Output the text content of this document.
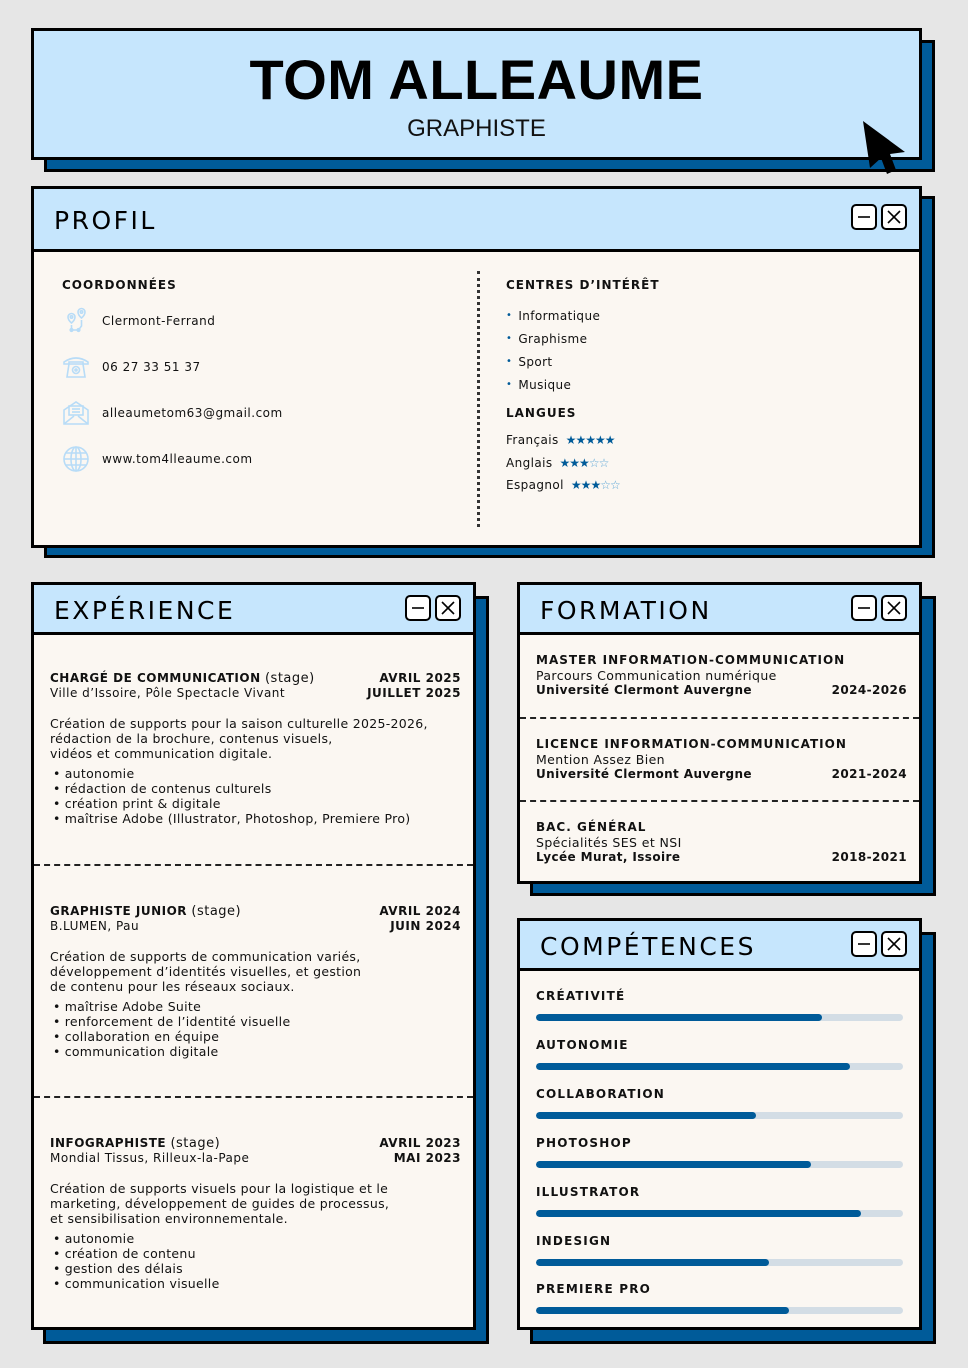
TOM ALLEAUME
GRAPHISTE
PROFIL
COORDONNÉES
Clermont-Ferrand
06 27 33 51 37
alleaumetom63@gmail.com
www.tom4lleaume.com
CENTRES D’INTÉRÊT
• Informatique
• Graphisme
• Sport
• Musique
LANGUES
Français ★★★★★
Anglais ★★★☆☆
Espagnol ★★★☆☆
EXPÉRIENCE
CHARGÉ DE COMMUNICATION (stage)	AVRIL 2025
Ville d’Issoire, Pôle Spectacle Vivant	JUILLET 2025
Création de supports pour la saison culturelle 2025-2026,
rédaction de la brochure, contenus visuels,
vidéos et communication digitale.
• autonomie
• rédaction de contenus culturels
• création print & digitale
• maîtrise Adobe (Illustrator, Photoshop, Premiere Pro)
GRAPHISTE JUNIOR (stage)	AVRIL 2024
B.LUMEN, Pau	JUIN 2024
Création de supports de communication variés,
développement d’identités visuelles, et gestion
de contenu pour les réseaux sociaux.
• maîtrise Adobe Suite
• renforcement de l’identité visuelle
• collaboration en équipe
• communication digitale
INFOGRAPHISTE (stage)	AVRIL 2023
Mondial Tissus, Rilleux-la-Pape	MAI 2023
Création de supports visuels pour la logistique et le
marketing, développement de guides de processus,
et sensibilisation environnementale.
• autonomie
• création de contenu
• gestion des délais
• communication visuelle
FORMATION
MASTER INFORMATION-COMMUNICATION
Parcours Communication numérique
Université Clermont Auvergne	2024-2026
LICENCE INFORMATION-COMMUNICATION
Mention Assez Bien
Université Clermont Auvergne	2021-2024
BAC. GÉNÉRAL
Spécialités SES et NSI
Lycée Murat, Issoire	2018-2021
COMPÉTENCES
CRÉATIVITÉ
AUTONOMIE
COLLABORATION
PHOTOSHOP
ILLUSTRATOR
INDESIGN
PREMIERE PRO
